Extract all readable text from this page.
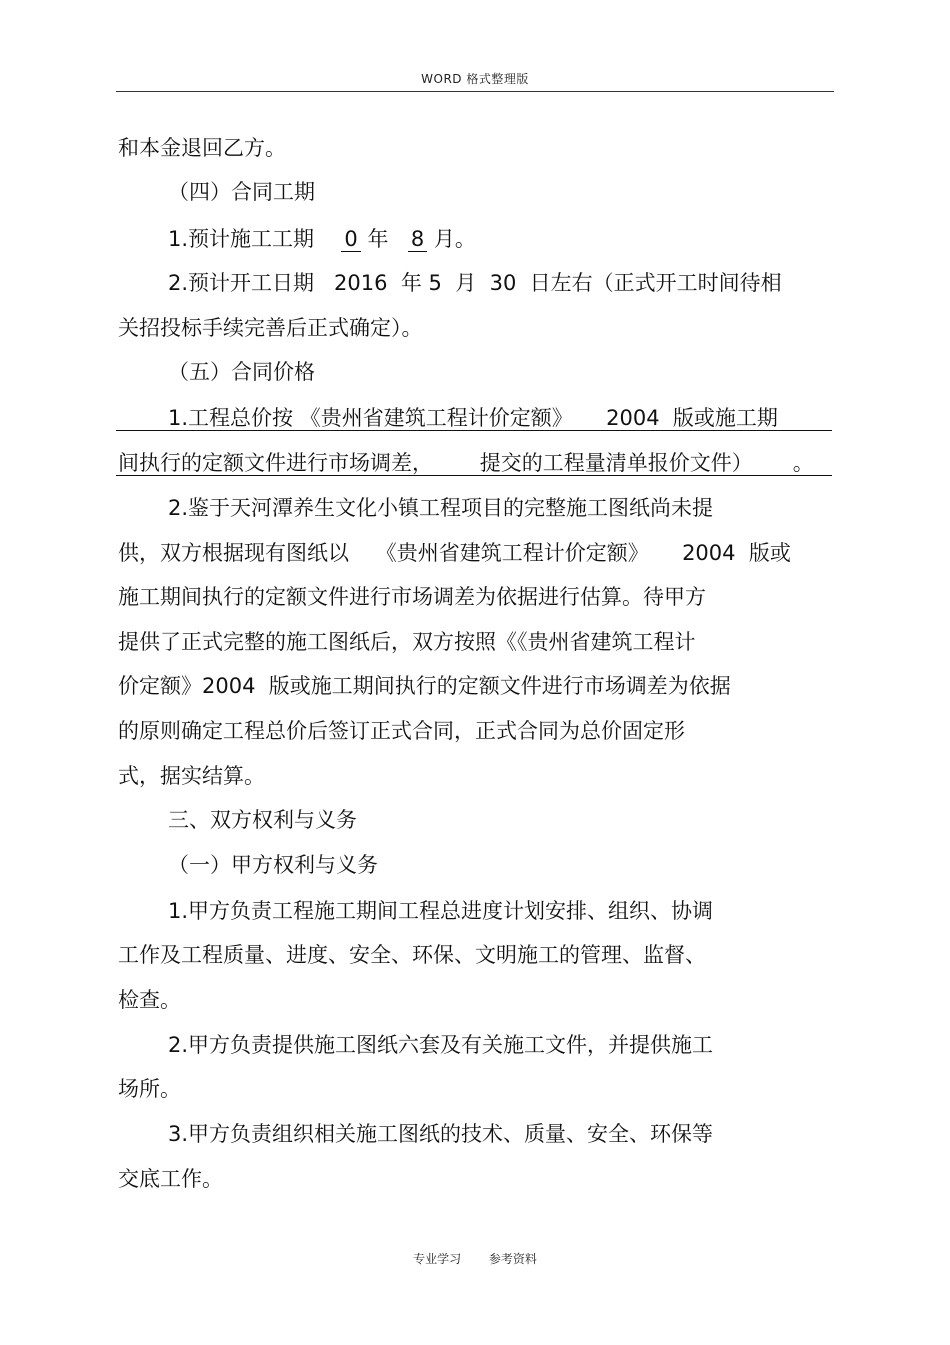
WORD 格式整理版
和本金退回乙方。
（四）合同工期
1.预计施工工期 0 年 8 月。
2.预计开工日期   2016  年 5  月  30  日左右（正式开工时间待相
关招投标手续完善后正式确定）。
（五）合同价格
1.工程总价按 《贵州省建筑工程计价定额》     2004  版或施工期
间执行的定额文件进行市场调差，       提交的工程量清单报价文件）      。
2.鉴于天河潭养生文化小镇工程项目的完整施工图纸尚未提
供，双方根据现有图纸以    《贵州省建筑工程计价定额》     2004  版或
施工期间执行的定额文件进行市场调差为依据进行估算。待甲方
提供了正式完整的施工图纸后，双方按照《《贵州省建筑工程计
价定额》2004  版或施工期间执行的定额文件进行市场调差为依据
的原则确定工程总价后签订正式合同，正式合同为总价固定形
式，据实结算。
三、双方权利与义务
（一）甲方权利与义务
1.甲方负责工程施工期间工程总进度计划安排、组织、协调
工作及工程质量、进度、安全、环保、文明施工的管理、监督、
检查。
2.甲方负责提供施工图纸六套及有关施工文件，并提供施工
场所。
3.甲方负责组织相关施工图纸的技术、质量、安全、环保等
交底工作。
专业学习 参考资料
